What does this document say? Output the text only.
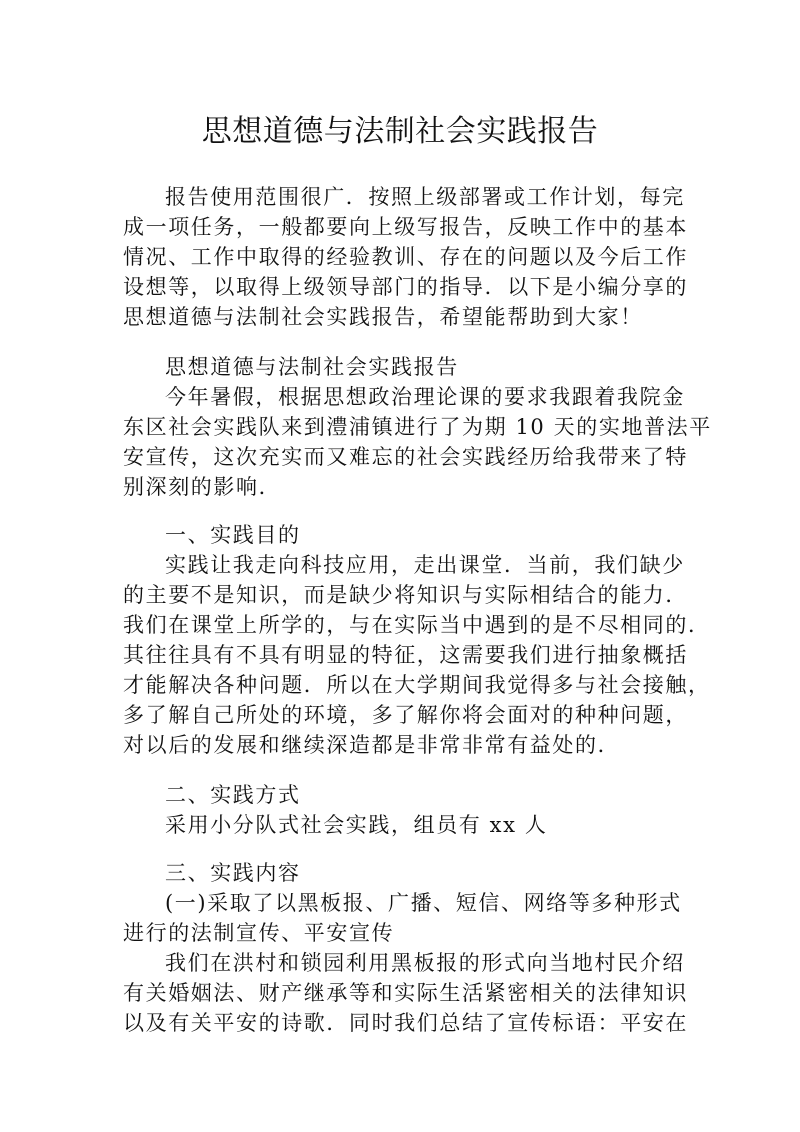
思想道德与法制社会实践报告

报告使用范围很广．按照上级部署或工作计划，每完

成一项任务，一般都要向上级写报告，反映工作中的基本

情况、工作中取得的经验教训、存在的问题以及今后工作

设想等，以取得上级领导部门的指导．以下是小编分享的

思想道德与法制社会实践报告，希望能帮助到大家！

思想道德与法制社会实践报告

今年暑假，根据思想政治理论课的要求我跟着我院金

东区社会实践队来到澧浦镇进行了为期 10 天的实地普法平

安宣传，这次充实而又难忘的社会实践经历给我带来了特

别深刻的影响．

一、实践目的

实践让我走向科技应用，走出课堂．当前，我们缺少

的主要不是知识，而是缺少将知识与实际相结合的能力．

我们在课堂上所学的，与在实际当中遇到的是不尽相同的．

其往往具有不具有明显的特征，这需要我们进行抽象概括

才能解决各种问题．所以在大学期间我觉得多与社会接触，

多了解自己所处的环境，多了解你将会面对的种种问题，

对以后的发展和继续深造都是非常非常有益处的．

二、实践方式

采用小分队式社会实践，组员有 xx 人

三、实践内容

(一)采取了以黑板报、广播、短信、网络等多种形式

进行的法制宣传、平安宣传

我们在洪村和锁园利用黑板报的形式向当地村民介绍

有关婚姻法、财产继承等和实际生活紧密相关的法律知识

以及有关平安的诗歌．同时我们总结了宣传标语：平安在
